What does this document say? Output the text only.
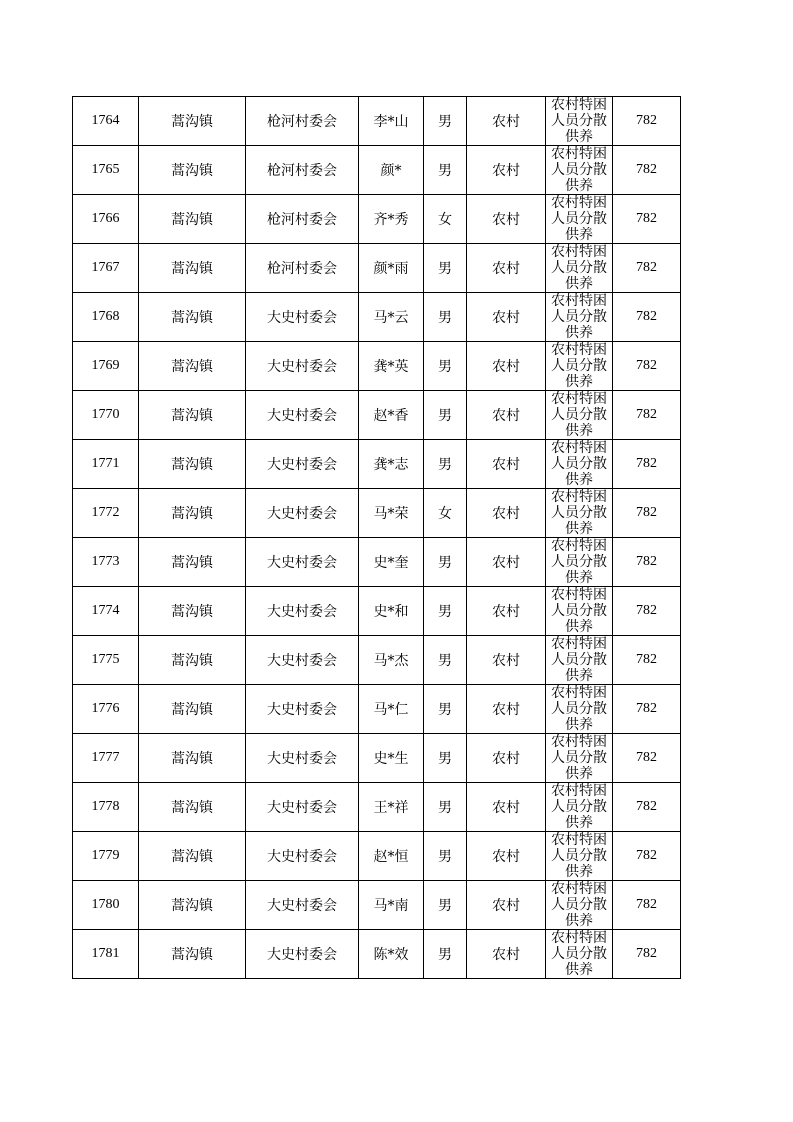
1764	蒿沟镇	枪河村委会	李*山	男	农村	农村特困人员分散供养	782
1765	蒿沟镇	枪河村委会	颜*	男	农村	农村特困人员分散供养	782
1766	蒿沟镇	枪河村委会	齐*秀	女	农村	农村特困人员分散供养	782
1767	蒿沟镇	枪河村委会	颜*雨	男	农村	农村特困人员分散供养	782
1768	蒿沟镇	大史村委会	马*云	男	农村	农村特困人员分散供养	782
1769	蒿沟镇	大史村委会	龚*英	男	农村	农村特困人员分散供养	782
1770	蒿沟镇	大史村委会	赵*香	男	农村	农村特困人员分散供养	782
1771	蒿沟镇	大史村委会	龚*志	男	农村	农村特困人员分散供养	782
1772	蒿沟镇	大史村委会	马*荣	女	农村	农村特困人员分散供养	782
1773	蒿沟镇	大史村委会	史*奎	男	农村	农村特困人员分散供养	782
1774	蒿沟镇	大史村委会	史*和	男	农村	农村特困人员分散供养	782
1775	蒿沟镇	大史村委会	马*杰	男	农村	农村特困人员分散供养	782
1776	蒿沟镇	大史村委会	马*仁	男	农村	农村特困人员分散供养	782
1777	蒿沟镇	大史村委会	史*生	男	农村	农村特困人员分散供养	782
1778	蒿沟镇	大史村委会	王*祥	男	农村	农村特困人员分散供养	782
1779	蒿沟镇	大史村委会	赵*恒	男	农村	农村特困人员分散供养	782
1780	蒿沟镇	大史村委会	马*南	男	农村	农村特困人员分散供养	782
1781	蒿沟镇	大史村委会	陈*效	男	农村	农村特困人员分散供养	782
